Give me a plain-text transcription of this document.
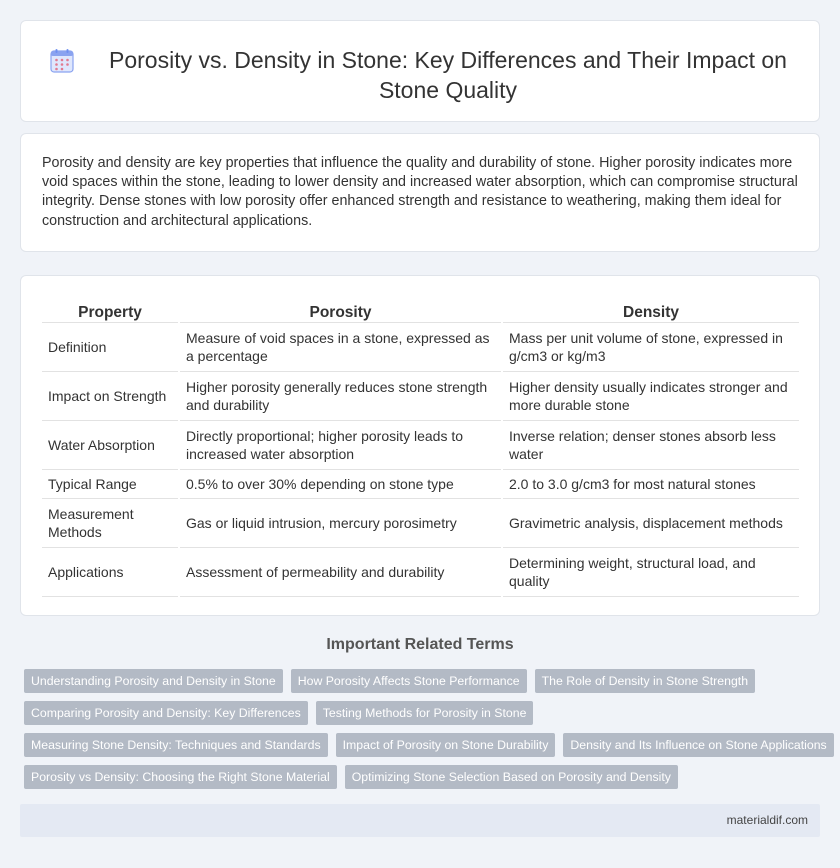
Porosity vs. Density in Stone: Key Differences and Their Impact on Stone Quality

Porosity and density are key properties that influence the quality and durability of stone. Higher porosity indicates more void spaces within the stone, leading to lower density and increased water absorption, which can compromise structural integrity. Dense stones with low porosity offer enhanced strength and resistance to weathering, making them ideal for construction and architectural applications.

Property	Porosity	Density
Definition	Measure of void spaces in a stone, expressed as a percentage	Mass per unit volume of stone, expressed in g/cm3 or kg/m3
Impact on Strength	Higher porosity generally reduces stone strength and durability	Higher density usually indicates stronger and more durable stone
Water Absorption	Directly proportional; higher porosity leads to increased water absorption	Inverse relation; denser stones absorb less water
Typical Range	0.5% to over 30% depending on stone type	2.0 to 3.0 g/cm3 for most natural stones
Measurement Methods	Gas or liquid intrusion, mercury porosimetry	Gravimetric analysis, displacement methods
Applications	Assessment of permeability and durability	Determining weight, structural load, and quality
Important Related Terms
Understanding Porosity and Density in Stone	How Porosity Affects Stone Performance	The Role of Density in Stone Strength
Comparing Porosity and Density: Key Differences	Testing Methods for Porosity in Stone
Measuring Stone Density: Techniques and Standards	Impact of Porosity on Stone Durability	Density and Its Influence on Stone Applications
Porosity vs Density: Choosing the Right Stone Material	Optimizing Stone Selection Based on Porosity and Density
materialdif.com
